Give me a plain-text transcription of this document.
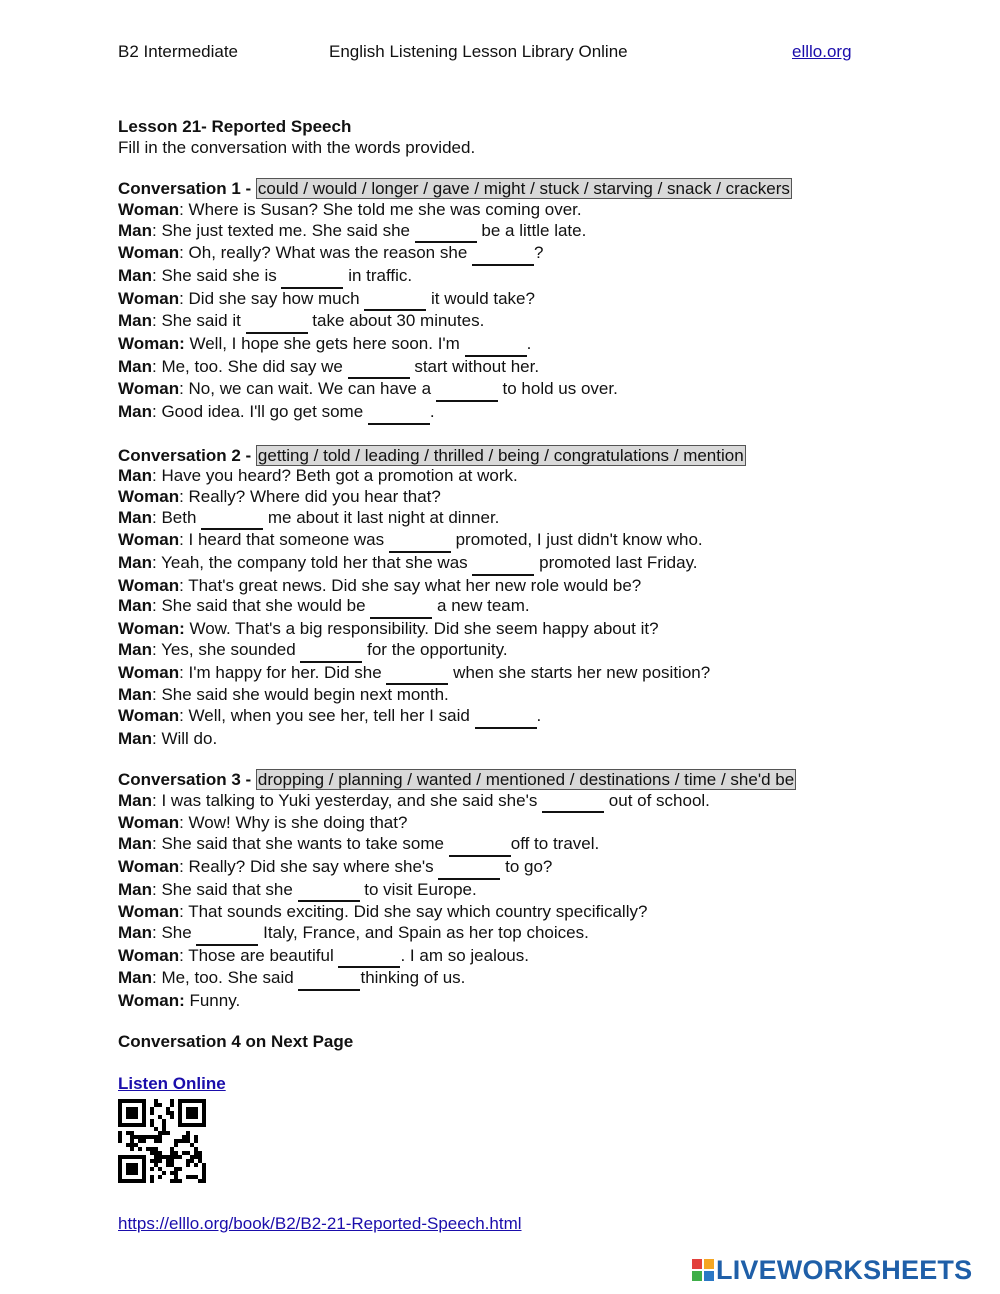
B2 Intermediate	English Listening Lesson Library Online	elllo.org
Lesson 21- Reported Speech
Fill in the conversation with the words provided.
Conversation 1 - could / would / longer / gave / might / stuck / starving / snack / crackers
Woman: Where is Susan? She told me she was coming over.
Man: She just texted me. She said she	be a little late.
Woman: Oh, really? What was the reason she	?
Man: She said she is	in traffic.
Woman: Did she say how much	it would take?
Man: She said it	take about 30 minutes.
Woman: Well, I hope she gets here soon. I'm	.
Man: Me, too. She did say we	start without her.
Woman: No, we can wait. We can have a	to hold us over.
Man: Good idea. I'll go get some	.
Conversation 2 - getting / told / leading / thrilled / being / congratulations / mention
Man: Have you heard? Beth got a promotion at work.
Woman: Really? Where did you hear that?
Man: Beth	me about it last night at dinner.
Woman: I heard that someone was	promoted, I just didn't know who.
Man: Yeah, the company told her that she was	promoted last Friday.
Woman: That's great news. Did she say what her new role would be?
Man: She said that she would be	a new team.
Woman: Wow. That's a big responsibility. Did she seem happy about it?
Man: Yes, she sounded	for the opportunity.
Woman: I'm happy for her. Did she	when she starts her new position?
Man: She said she would begin next month.
Woman: Well, when you see her, tell her I said	.
Man: Will do.
Conversation 3 - dropping / planning / wanted / mentioned / destinations / time / she'd be
Man: I was talking to Yuki yesterday, and she said she's	out of school.
Woman: Wow! Why is she doing that?
Man: She said that she wants to take some	off to travel.
Woman: Really? Did she say where she's	to go?
Man: She said that she	to visit Europe.
Woman: That sounds exciting. Did she say which country specifically?
Man: She	Italy, France, and Spain as her top choices.
Woman: Those are beautiful	. I am so jealous.
Man: Me, too. She said	thinking of us.
Woman: Funny.
Conversation 4 on Next Page
Listen Online
https://elllo.org/book/B2/B2-21-Reported-Speech.html
LIVEWORKSHEETS
